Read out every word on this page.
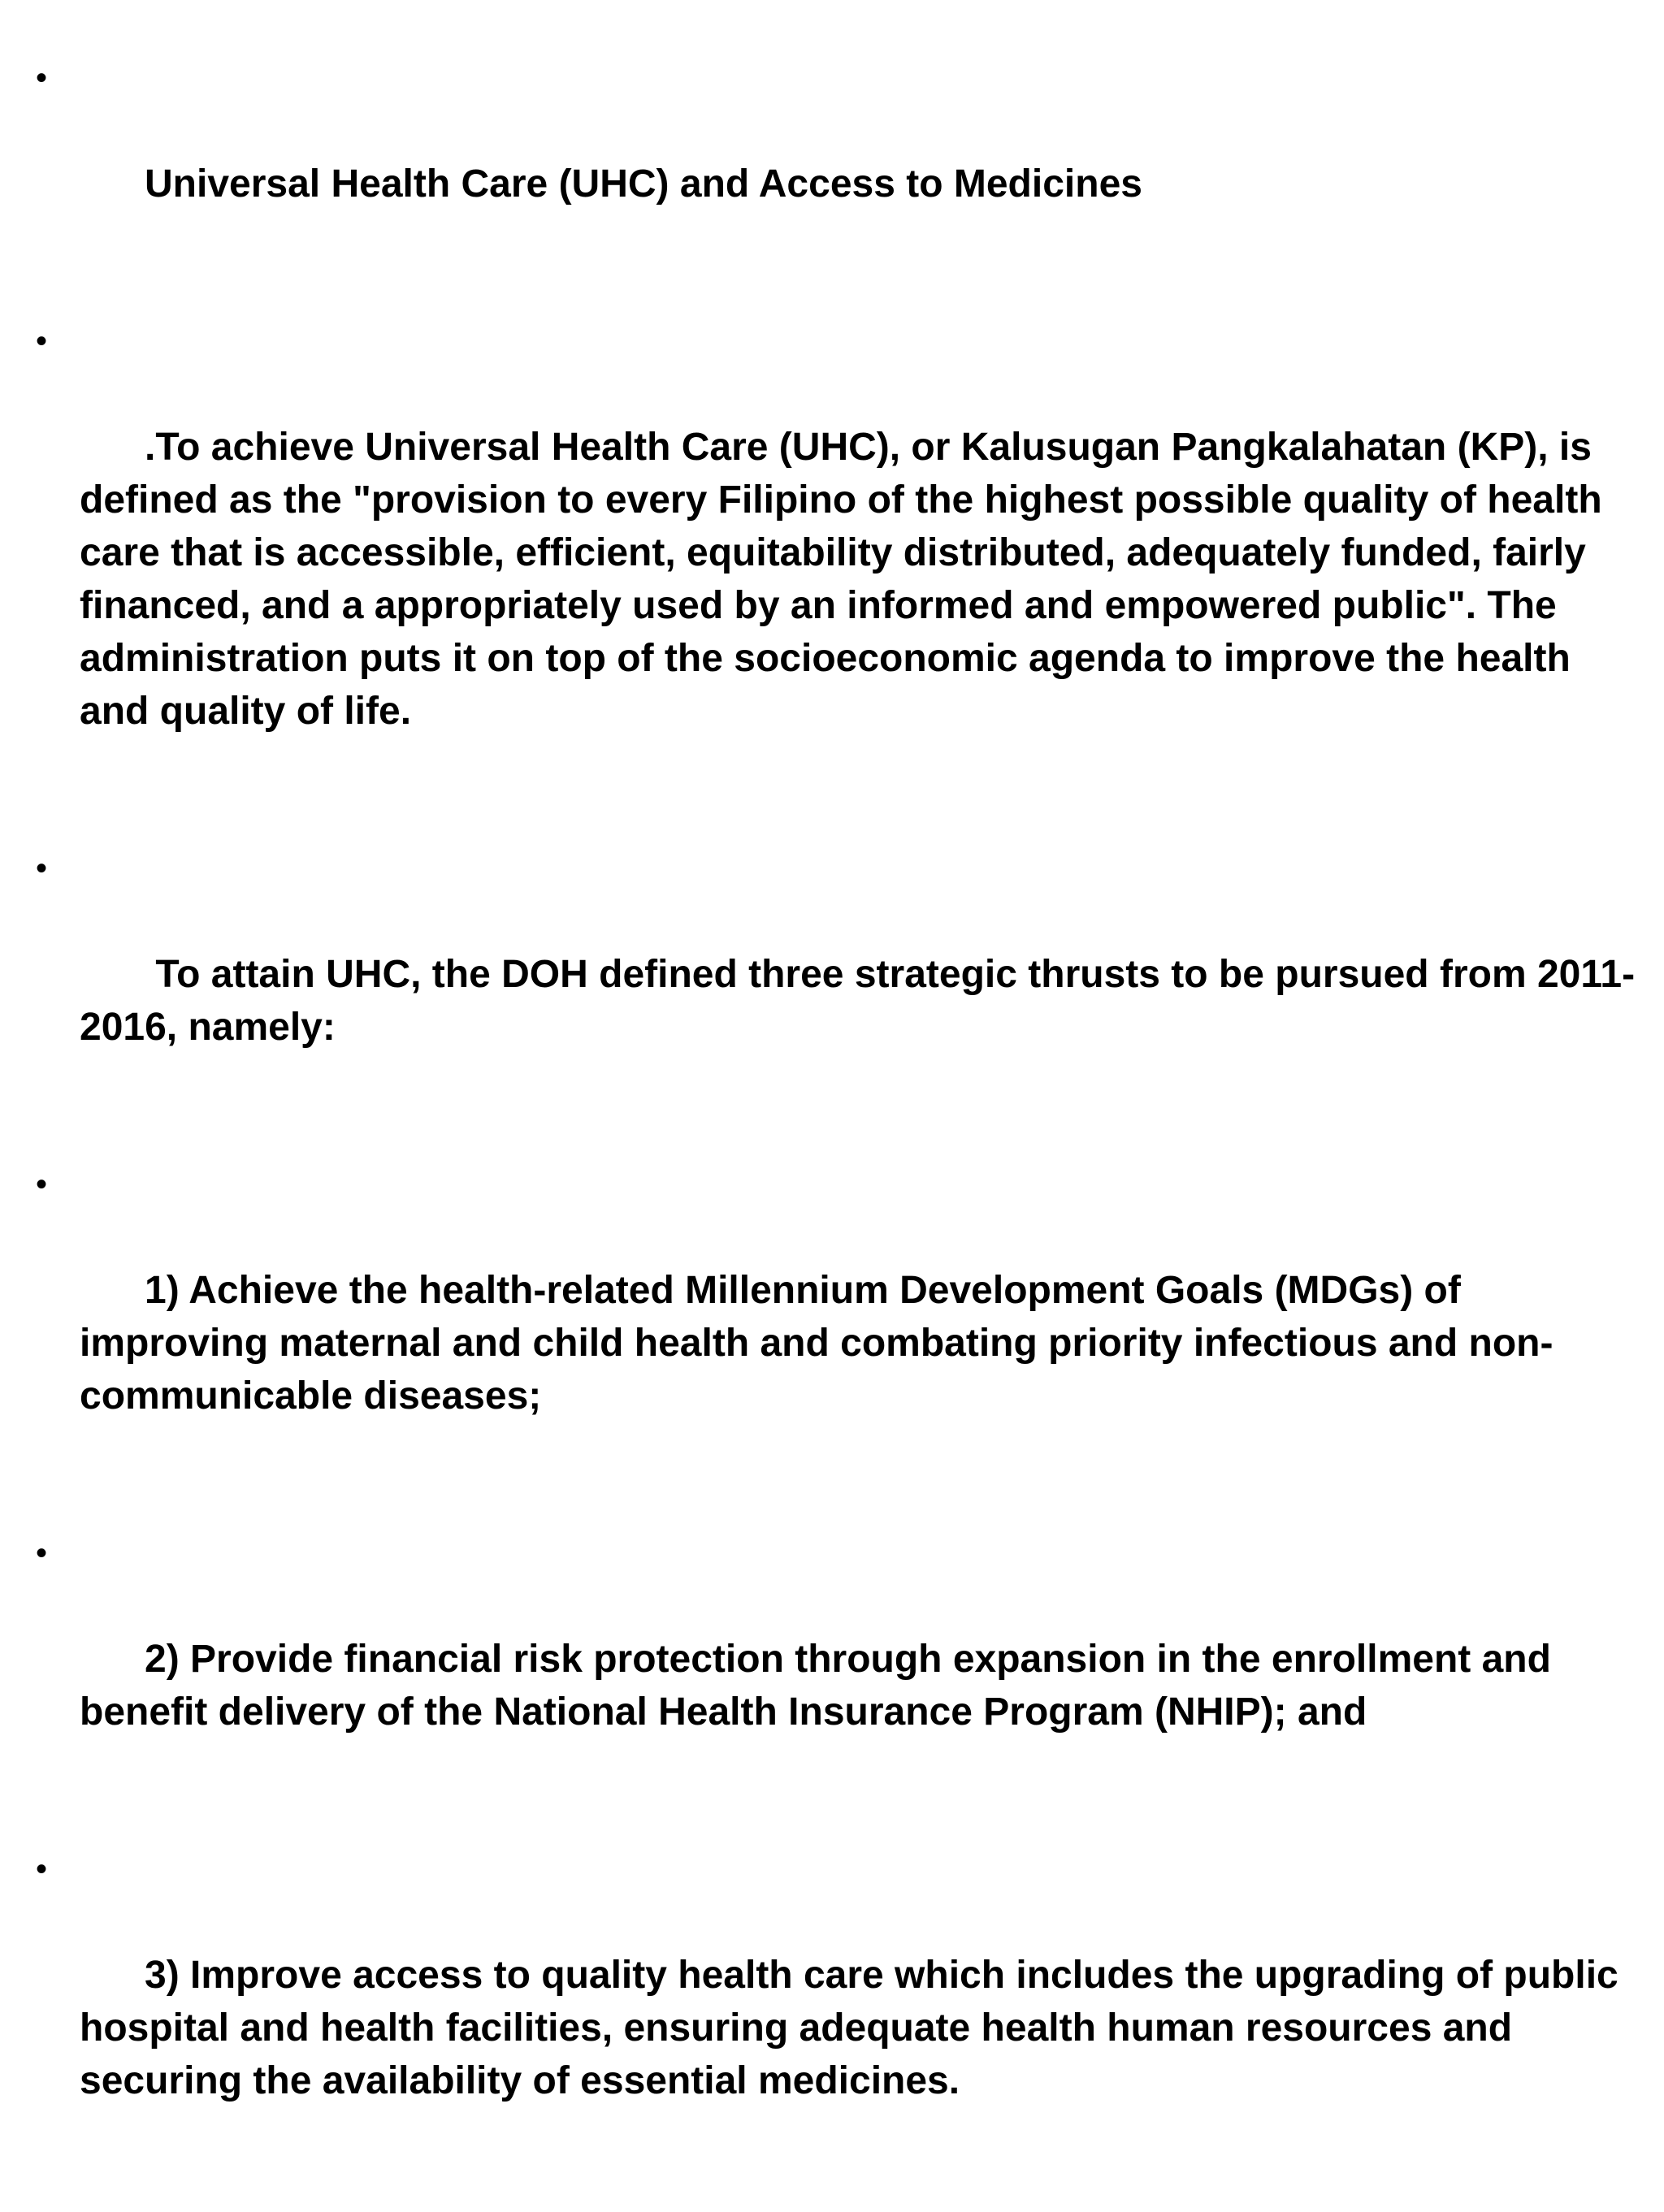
•

Universal Health Care (UHC) and Access to Medicines

•

.To achieve Universal Health Care (UHC), or Kalusugan Pangkalahatan (KP), is defined as the "provision to every Filipino of the highest possible quality of health care that is accessible, efficient, equitability distributed, adequately funded, fairly financed, and a appropriately used by an informed and empowered public". The administration puts it on top of the socioeconomic agenda to improve the health and quality of life.

•

To attain UHC, the DOH defined three strategic thrusts to be pursued from 2011-2016, namely:

•

1) Achieve the health-related Millennium Development Goals (MDGs) of improving maternal and child health and combating priority infectious and non-communicable diseases;

•

2) Provide financial risk protection through expansion in the enrollment and benefit delivery of the National Health Insurance Program (NHIP); and

•

3) Improve access to quality health care which includes the upgrading of public hospital and health facilities, ensuring adequate health human resources and securing the availability of essential medicines.
